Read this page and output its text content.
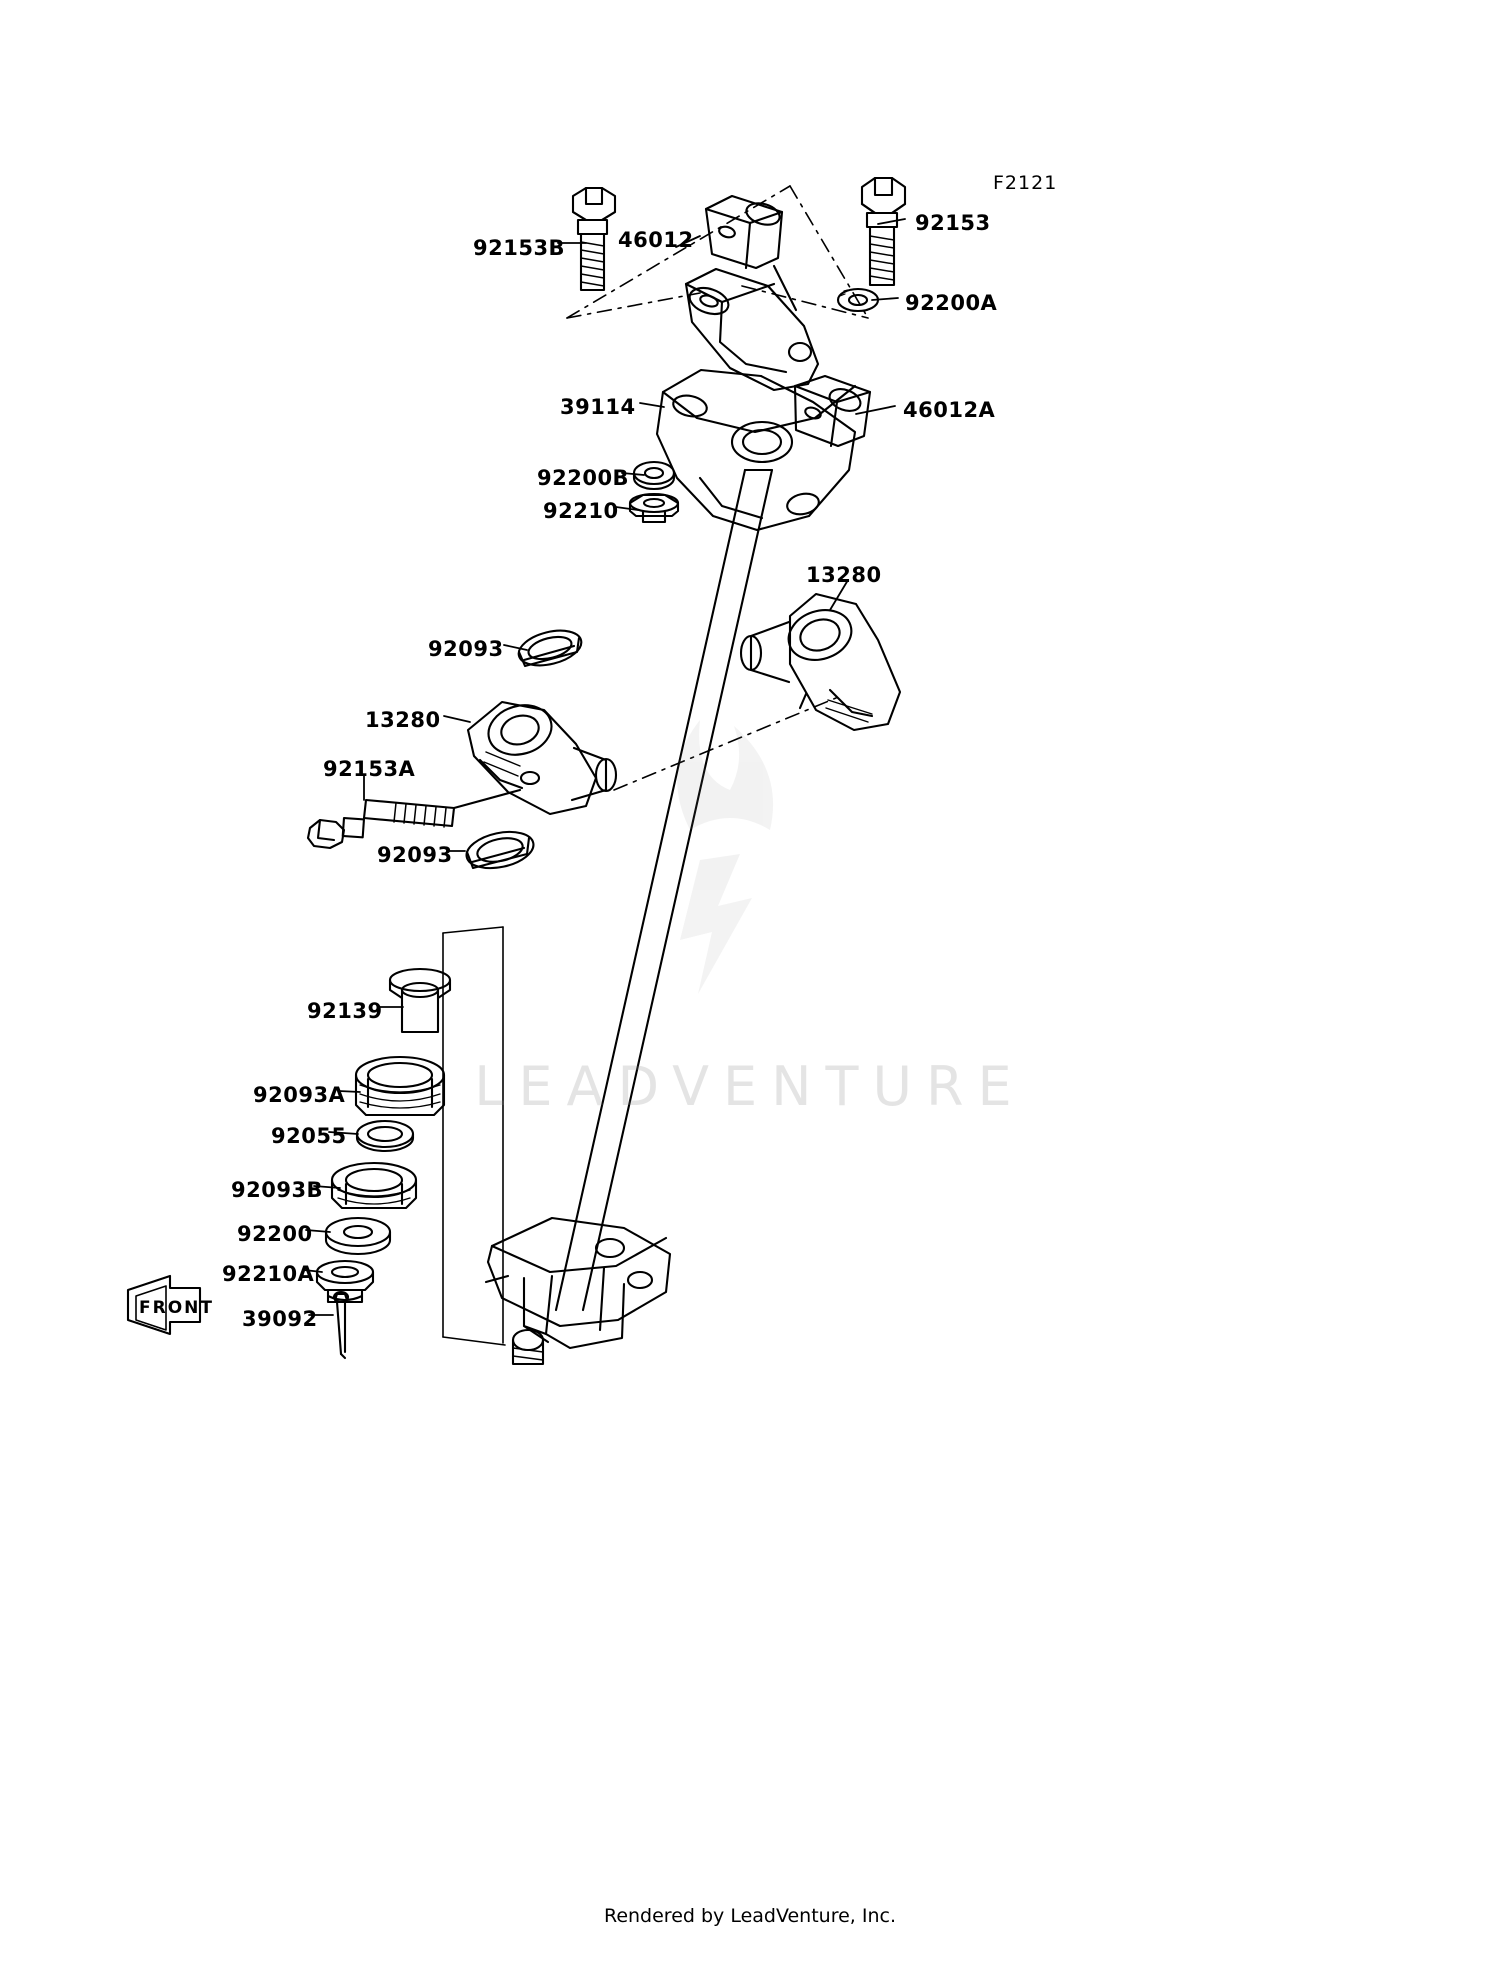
F2121
LEADVENTURE
FRONT
92153B	46012
92153
92200A
39114	46012A
92200B
92210
13280
92093
13280
92153A
92093
92139
92093A
92055
92093B
92200
92210A
39092
Rendered by LeadVenture, Inc.
